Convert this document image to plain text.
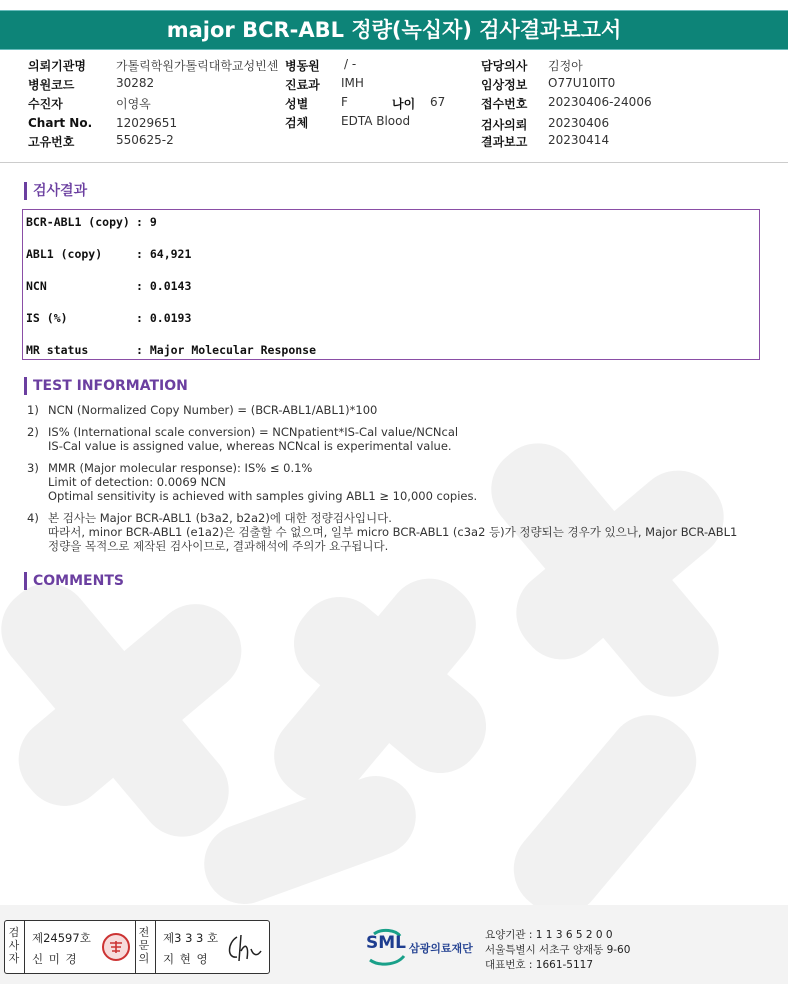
major BCR-ABL 정량(녹십자) 검사결과보고서
의뢰기관명	가톨릭학원가톨릭대학교성빈센
병원코드	30282
수진자	이영옥
Chart No. 12029651
고유번호	550625-2
병동원 / -
진료과 IMH
성별	F	나이 67
검체	EDTA Blood
담당의사 김정아
임상정보 O77U10IT0
접수번호 20230406-24006
검사의뢰 20230406
결과보고 20230414
검사결과
BCR-ABL1 (copy) : 9
ABL1 (copy)	: 64,921
NCN	: 0.0143
IS (%)	: 0.0193
MR status	: Major Molecular Response
TEST INFORMATION
1) NCN (Normalized Copy Number) = (BCR-ABL1/ABL1)*100
2) IS% (International scale conversion) = NCNpatient*IS-Cal value/NCNcal
IS-Cal value is assigned value, whereas NCNcal is experimental value.
3) MMR (Major molecular response): IS% ≤ 0.1%
Limit of detection: 0.0069 NCN
Optimal sensitivity is achieved with samples giving ABL1 ≥ 10,000 copies.
4) 본 검사는 Major BCR-ABL1 (b3a2, b2a2)에 대한 정량검사입니다.
따라서, minor BCR-ABL1 (e1a2)은 검출할 수 없으며, 일부 micro BCR-ABL1 (c3a2 등)가 정량되는 경우가 있으나, Major BCR-ABL1
정량을 목적으로 제작된 검사이므로, 결과해석에 주의가 요구됩니다.
COMMENTS
검
사
자
제24597호
신 미 경
전
문
의
제3 3 3 호
지 현 영
SML 삼광의료재단
요양기관 : 1 1 3 6 5 2 0 0
서울특별시 서초구 양재동 9-60
대표번호 : 1661-5117
